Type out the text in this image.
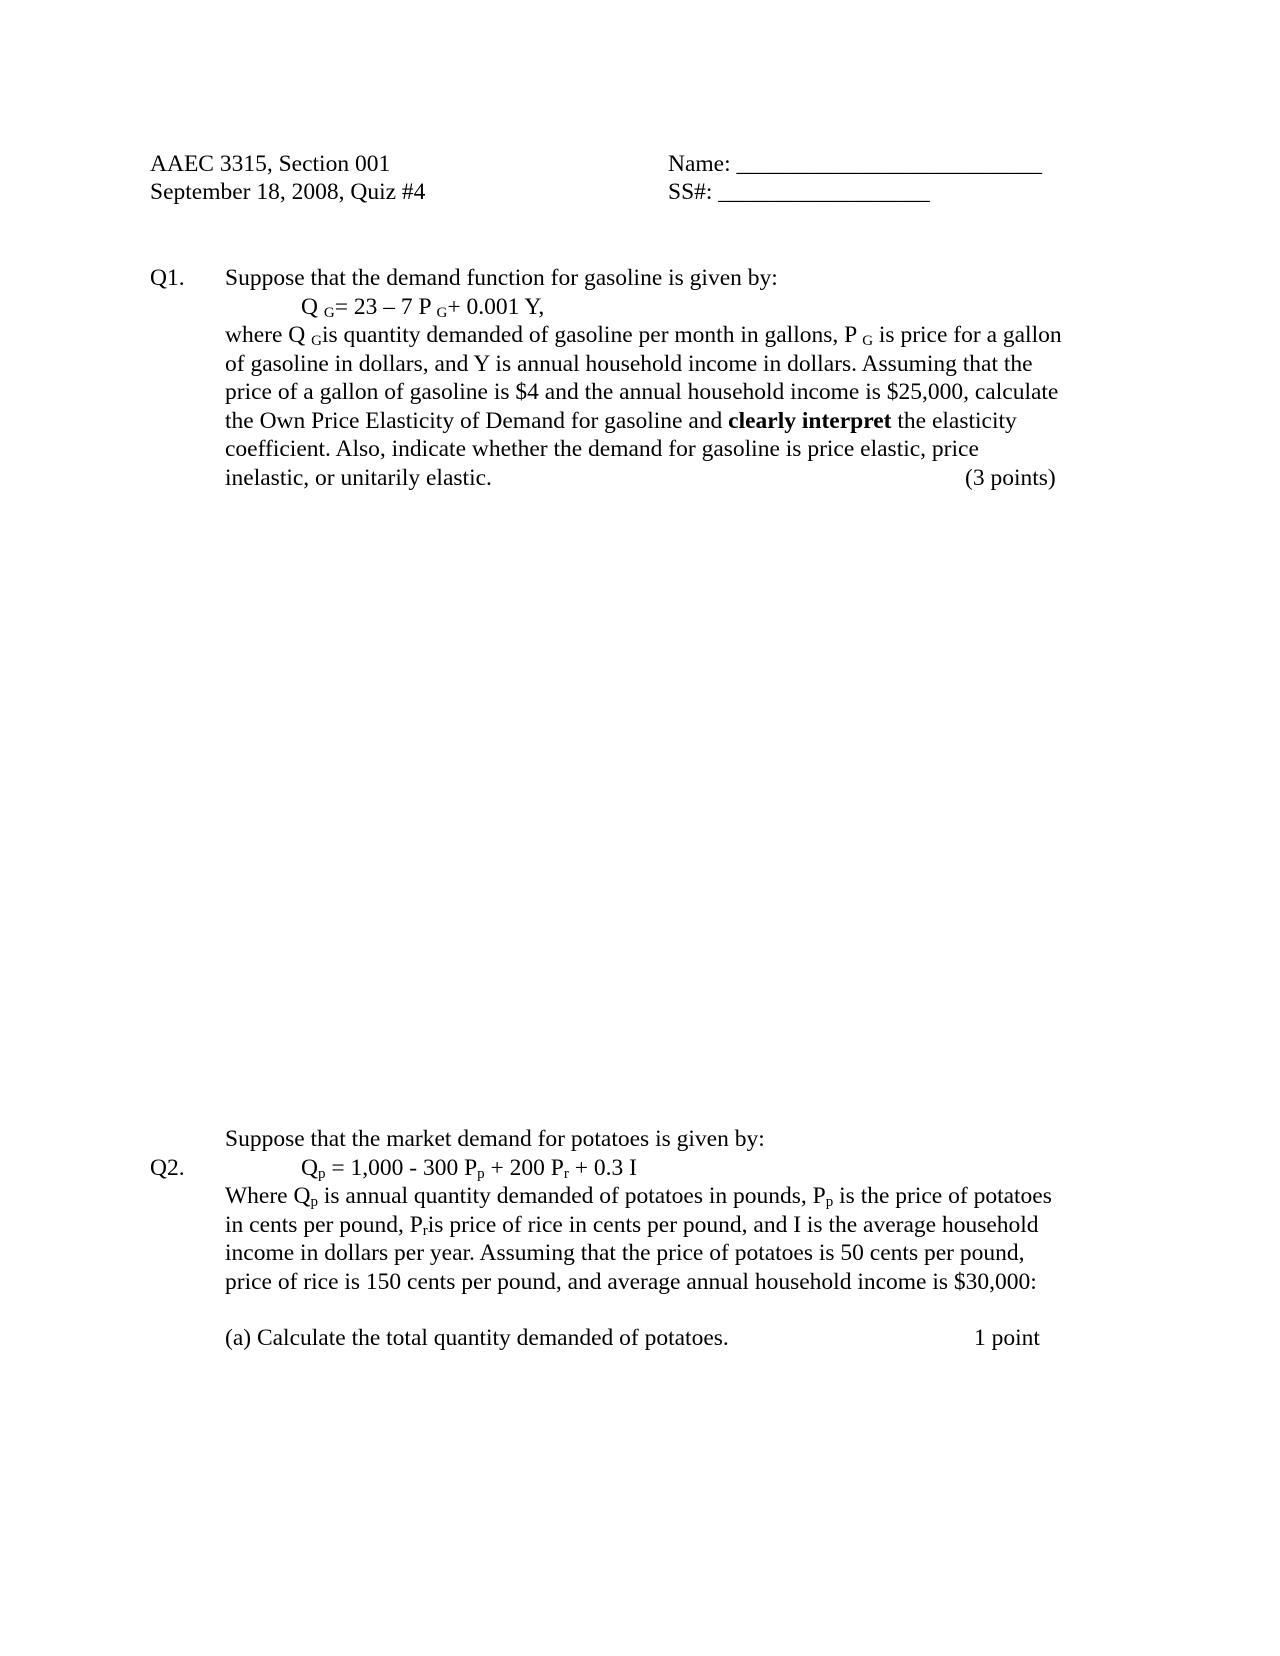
AAEC 3315, Section 001
September 18, 2008, Quiz #4
Name: __________________________
SS#: __________________
Q1.	Suppose that the demand function for gasoline is given by:
Q $_G$= 23 – 7 P $_G$+ 0.001 Y,
where Q $_G$is quantity demanded of gasoline per month in gallons, P $_G$ is price for a gallon
of gasoline in dollars, and Y is annual household income in dollars. Assuming that the
price of a gallon of gasoline is $4 and the annual household income is $25,000, calculate
the Own Price Elasticity of Demand for gasoline and clearly interpret the elasticity
coefficient. Also, indicate whether the demand for gasoline is price elastic, price
inelastic, or unitarily elastic.	(3 points)
Q2.
Suppose that the market demand for potatoes is given by:
$Q_p = 1,000 - 300$ $P_p + 200$ $P_r + 0.3$ I
Where $Q_p$ is annual quantity demanded of potatoes in pounds, $P_p$ is the price of potatoes
in cents per pound, $P_ris$ price of rice in cents per pound, and I is the average household
income in dollars per year. Assuming that the price of potatoes is 50 cents per pound,
price of rice is 150 cents per pound, and average annual household income is $30,000:
(a) Calculate the total quantity demanded of potatoes.	1 point
